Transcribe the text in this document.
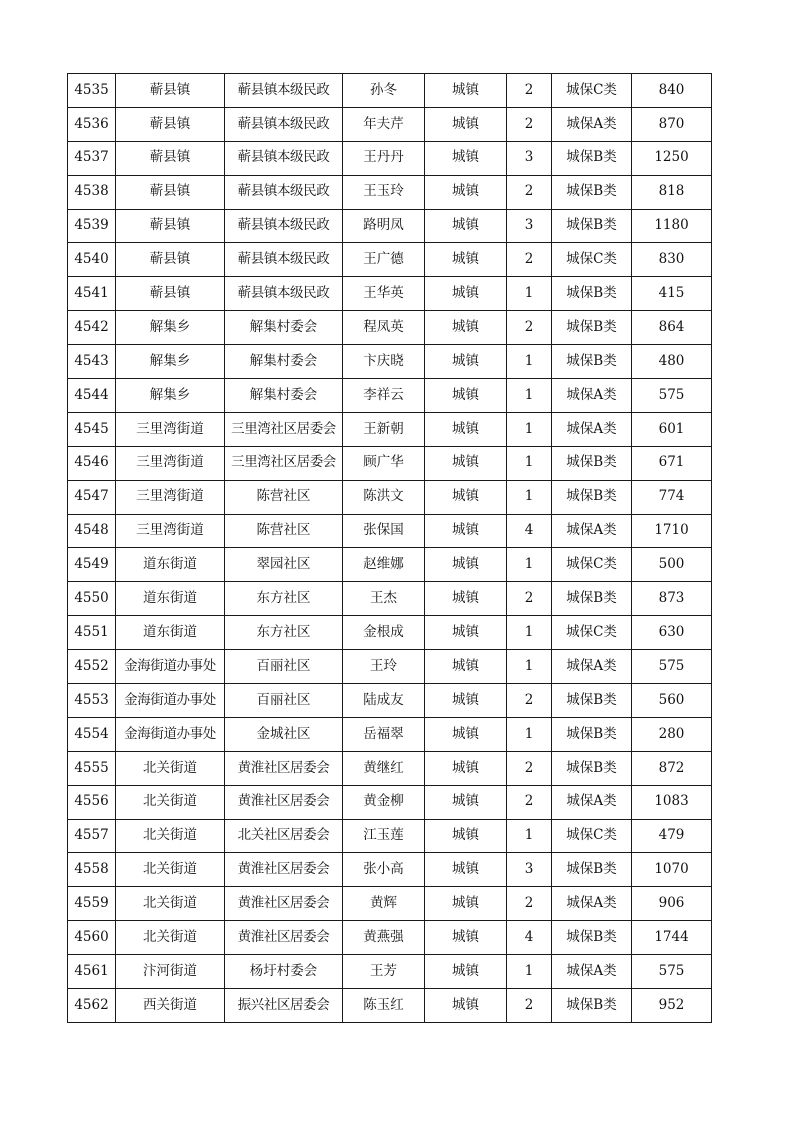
4535	蕲县镇	蕲县镇本级民政	孙冬	城镇	2	城保C类	840
4536	蕲县镇	蕲县镇本级民政	年夫芹	城镇	2	城保A类	870
4537	蕲县镇	蕲县镇本级民政	王丹丹	城镇	3	城保B类	1250
4538	蕲县镇	蕲县镇本级民政	王玉玲	城镇	2	城保B类	818
4539	蕲县镇	蕲县镇本级民政	路明凤	城镇	3	城保B类	1180
4540	蕲县镇	蕲县镇本级民政	王广德	城镇	2	城保C类	830
4541	蕲县镇	蕲县镇本级民政	王华英	城镇	1	城保B类	415
4542	解集乡	解集村委会	程凤英	城镇	2	城保B类	864
4543	解集乡	解集村委会	卞庆晓	城镇	1	城保B类	480
4544	解集乡	解集村委会	李祥云	城镇	1	城保A类	575
4545	三里湾街道	三里湾社区居委会	王新朝	城镇	1	城保A类	601
4546	三里湾街道	三里湾社区居委会	顾广华	城镇	1	城保B类	671
4547	三里湾街道	陈营社区	陈洪文	城镇	1	城保B类	774
4548	三里湾街道	陈营社区	张保国	城镇	4	城保A类	1710
4549	道东街道	翠园社区	赵维娜	城镇	1	城保C类	500
4550	道东街道	东方社区	王杰	城镇	2	城保B类	873
4551	道东街道	东方社区	金根成	城镇	1	城保C类	630
4552	金海街道办事处	百丽社区	王玲	城镇	1	城保A类	575
4553	金海街道办事处	百丽社区	陆成友	城镇	2	城保B类	560
4554	金海街道办事处	金城社区	岳福翠	城镇	1	城保B类	280
4555	北关街道	黄淮社区居委会	黄继红	城镇	2	城保B类	872
4556	北关街道	黄淮社区居委会	黄金柳	城镇	2	城保A类	1083
4557	北关街道	北关社区居委会	江玉莲	城镇	1	城保C类	479
4558	北关街道	黄淮社区居委会	张小高	城镇	3	城保B类	1070
4559	北关街道	黄淮社区居委会	黄辉	城镇	2	城保A类	906
4560	北关街道	黄淮社区居委会	黄燕强	城镇	4	城保B类	1744
4561	汴河街道	杨圩村委会	王芳	城镇	1	城保A类	575
4562	西关街道	振兴社区居委会	陈玉红	城镇	2	城保B类	952
